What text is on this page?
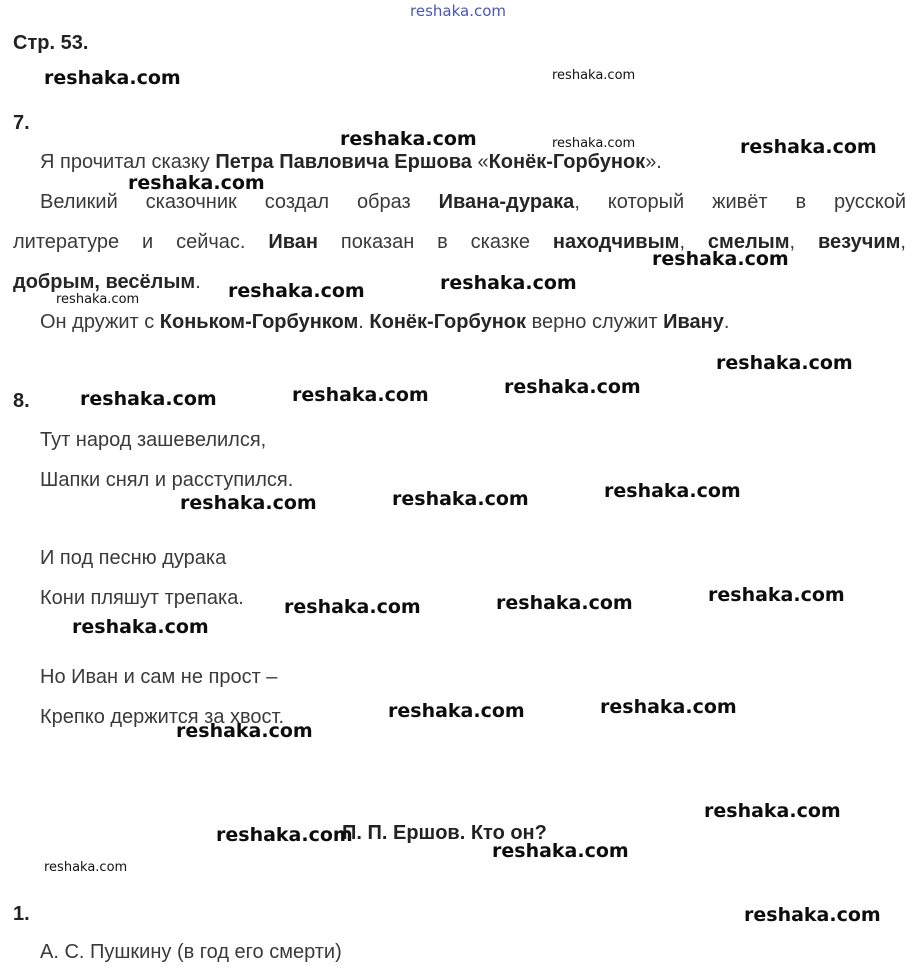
reshaka.com
Стр. 53.
7.
Я прочитал сказку Петра Павловича Ершова «Конёк-Горбунок».
Великий сказочник создал образ Ивана-дурака, который живёт в русской
литературе и сейчас. Иван показан в сказке находчивым, смелым, везучим,
добрым, весёлым.
Он дружит с Коньком-Горбунком. Конёк-Горбунок верно служит Ивану.
8.
Тут народ зашевелился,
Шапки снял и расступился.
И под песню дурака
Кони пляшут трепака.
Но Иван и сам не прост –
Крепко держится за хвост.
П. П. Ершов. Кто он?
1.
А. С. Пушкину (в год его смерти)
reshaka.com
reshaka.com	reshaka.com
reshaka.com
reshaka.com
reshaka.com
reshaka.com
reshaka.com
reshaka.com
reshaka.com
reshaka.com
reshaka.com
reshaka.com
reshaka.com
reshaka.com
reshaka.com
reshaka.com
reshaka.com
reshaka.com
reshaka.com
reshaka.com
reshaka.com
reshaka.com
reshaka.com
reshaka.com
reshaka.com
reshaka.com
reshaka.com
reshaka.com
